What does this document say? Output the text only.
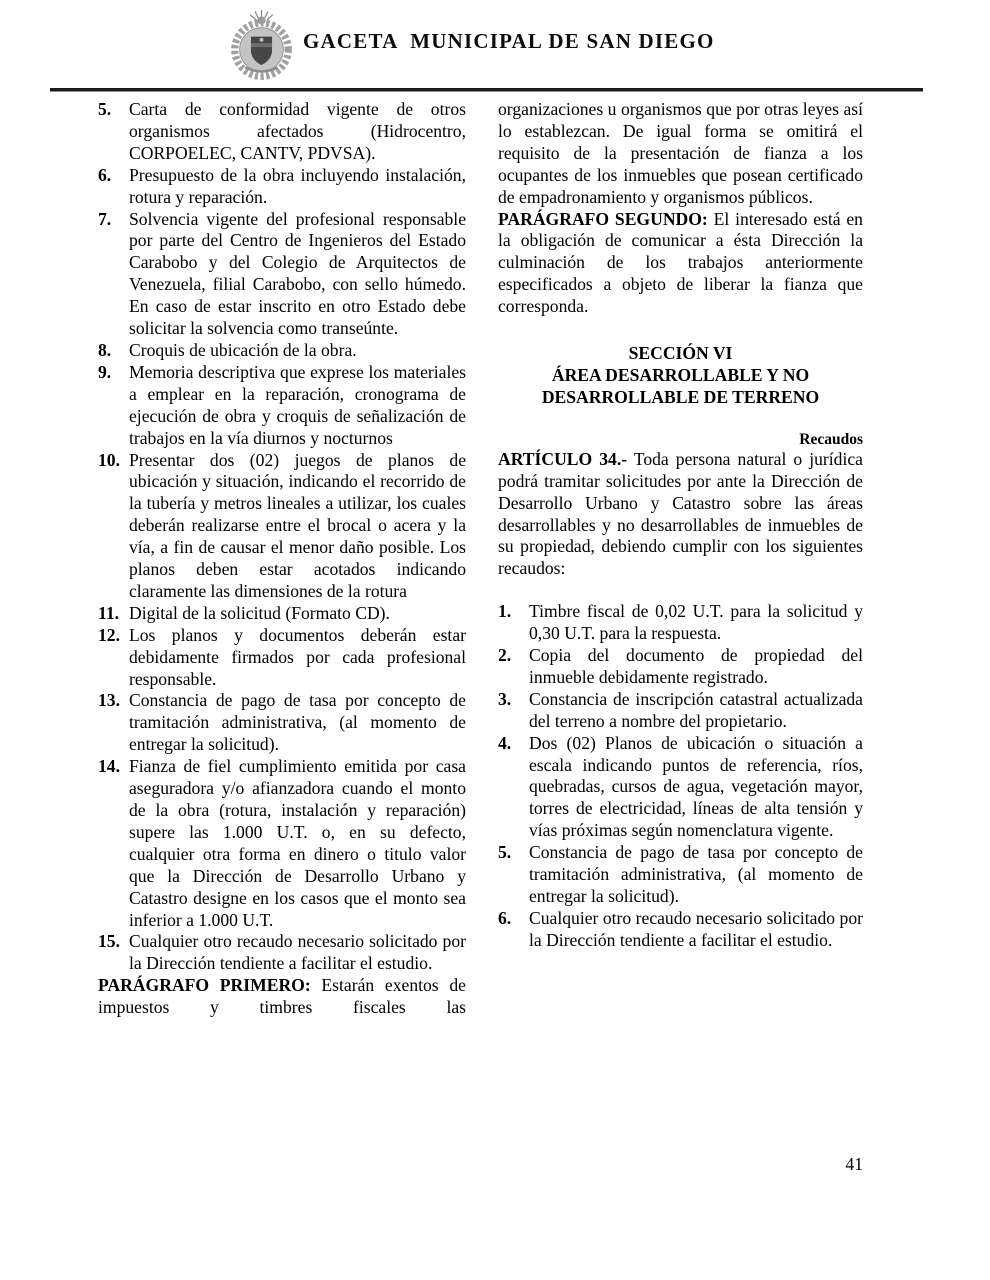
GACETA  MUNICIPAL DE SAN DIEGO
5.	Carta de conformidad vigente de otros organismos afectados (Hidrocentro, CORPOELEC, CANTV, PDVSA).
6.	Presupuesto de la obra incluyendo instalación, rotura y reparación.
7.	Solvencia vigente del profesional responsable por parte del Centro de Ingenieros del Estado Carabobo y del Colegio de Arquitectos de Venezuela, filial Carabobo, con sello húmedo. En caso de estar inscrito en otro Estado debe solicitar la solvencia como transeúnte.
8.	Croquis de ubicación de la obra.
9.	Memoria descriptiva que exprese los materiales a emplear en la reparación, cronograma de ejecución de obra y croquis de señalización de trabajos en la vía diurnos y nocturnos
10. Presentar dos (02) juegos de planos de ubicación y situación, indicando el recorrido de la tubería y metros lineales a utilizar, los cuales deberán realizarse entre el brocal o acera y la vía, a fin de causar el menor daño posible. Los planos deben estar acotados indicando claramente las dimensiones de la rotura
11. Digital de la solicitud (Formato CD).
12. Los planos y documentos deberán estar debidamente firmados por cada profesional responsable.
13. Constancia de pago de tasa por concepto de tramitación administrativa, (al momento de entregar la solicitud).
14. Fianza de fiel cumplimiento emitida por casa aseguradora y/o afianzadora cuando el monto de la obra (rotura, instalación y reparación) supere las 1.000 U.T. o, en su defecto, cualquier otra forma en dinero o titulo valor que la Dirección de Desarrollo Urbano y Catastro designe en los casos que el monto sea inferior a 1.000 U.T.
15. Cualquier otro recaudo necesario solicitado por la Dirección tendiente a facilitar el estudio.

PARÁGRAFO PRIMERO: Estarán exentos de impuestos y timbres fiscales las

organizaciones u organismos que por otras leyes así lo establezcan. De igual forma se omitirá el requisito de la presentación de fianza a los ocupantes de los inmuebles que posean certificado de empadronamiento y organismos públicos.

PARÁGRAFO SEGUNDO: El interesado está en la obligación de comunicar a ésta Dirección la culminación de los trabajos anteriormente especificados a objeto de liberar la fianza que corresponda.

SECCIÓN VI
ÁREA DESARROLLABLE Y NO
DESARROLLABLE DE TERRENO
Recaudos

ARTÍCULO 34.- Toda persona natural o jurídica podrá tramitar solicitudes por ante la Dirección de Desarrollo Urbano y Catastro sobre las áreas desarrollables y no desarrollables de inmuebles de su propiedad, debiendo cumplir con los siguientes recaudos:

1.	Timbre fiscal de 0,02 U.T. para la solicitud y 0,30 U.T. para la respuesta.
2.	Copia del documento de propiedad del inmueble debidamente registrado.
3.	Constancia de inscripción catastral actualizada del terreno a nombre del propietario.
4.	Dos (02) Planos de ubicación o situación a escala indicando puntos de referencia, ríos, quebradas, cursos de agua, vegetación mayor, torres de electricidad, líneas de alta tensión y vías próximas según nomenclatura vigente.
5.	Constancia de pago de tasa por concepto de tramitación administrativa, (al momento de entregar la solicitud).
6.	Cualquier otro recaudo necesario solicitado por la Dirección tendiente a facilitar el estudio.
41
